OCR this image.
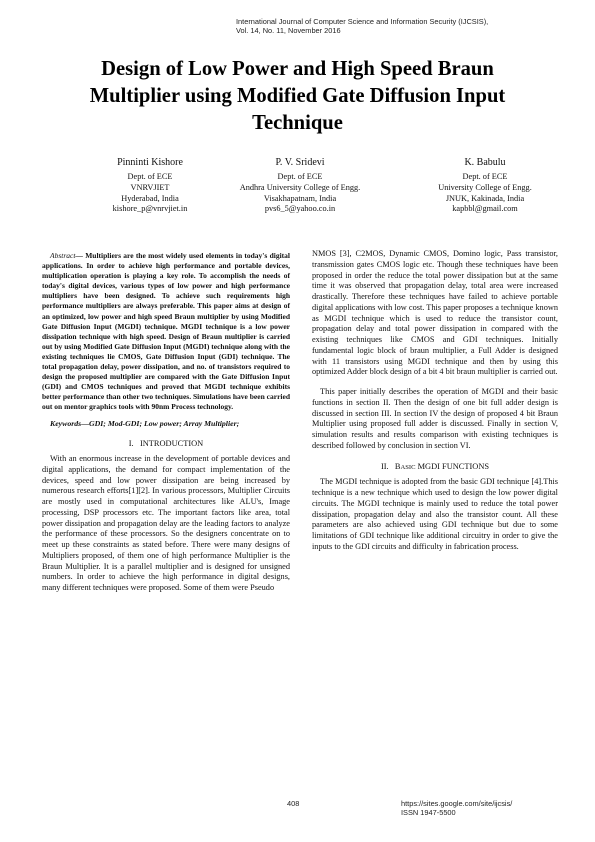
International Journal of Computer Science and Information Security (IJCSIS),
Vol. 14, No. 11, November 2016
Design of Low Power and High Speed Braun
Multiplier using Modified Gate Diffusion Input
Technique
Pinninti Kishore
Dept. of ECE
VNRVJIET
Hyderabad, India
kishore_p@vnrvjiet.in
P. V. Sridevi
Dept. of ECE
Andhra University College of Engg.
Visakhapatnam, India
pvs6_5@yahoo.co.in
K. Babulu
Dept. of ECE
University College of Engg.
JNUK, Kakinada, India
kapbbl@gmail.com
Abstract— Multipliers are the most widely used elements in today's digital applications. In order to achieve high performance and portable devices, multiplication operation is playing a key role. To accomplish the needs of today's digital devices, various types of low power and high performance multipliers have been designed. To achieve such requirements high performance multipliers are always preferable. This paper aims at design of an optimized, low power and high speed Braun multiplier by using Modified Gate Diffusion Input (MGDI) technique. MGDI technique is a low power dissipation technique with high speed. Design of Braun multiplier is carried out by using Modified Gate Diffusion Input (MGDI) technique along with the existing techniques lie CMOS, Gate Diffusion Input (GDI) technique. The total propagation delay, power dissipation, and no. of transistors required to design the proposed multiplier are compared with the Gate Diffusion Input (GDI) and CMOS techniques and proved that MGDI technique exhibits better performance than other two techniques. Simulations have been carried out on mentor graphics tools with 90nm Process technology.
Keywords—GDI; Mod-GDI; Low power; Array Multiplier;
I. INTRODUCTION

With an enormous increase in the development of portable devices and digital applications, the demand for compact implementation of the devices, speed and low power dissipation are being increased by numerous research efforts[1][2]. In various processors, Multiplier Circuits are mostly used in computational architectures like ALU's, Image processing, DSP processors etc. The important factors like area, total power dissipation and propagation delay are the leading factors to analyze the performance of these processors. So the designers concentrate on to meet up these constraints as stated before. There were many designs of Multipliers proposed, of them one of high performance Multiplier is the Braun Multiplier. It is a parallel multiplier and is designed for unsigned numbers. In order to achieve the high performance in digital designs, many different techniques were proposed. Some of them were Pseudo

NMOS [3], C2MOS, Dynamic CMOS, Domino logic, Pass transistor, transmission gates CMOS logic etc. Though these techniques have been proposed in order the reduce the total power dissipation but at the same time it was observed that propagation delay, total area were increased drastically. Therefore these techniques have failed to achieve portable digital applications with low cost. This paper proposes a technique known as MGDI technique which is used to reduce the transistor count, propagation delay and total power dissipation in compared with the existing techniques like CMOS and GDI techniques. Initially fundamental logic block of braun multiplier, a Full Adder is designed with 11 transistors using MGDI technique and then by using this optimized Adder block design of a bit 4 bit braun multiplier is carried out.

This paper initially describes the operation of MGDI and their basic functions in section II. Then the design of one bit full adder design is discussed in section III. In section IV the design of proposed 4 bit Braun Multiplier using proposed full adder is discussed. Finally in section V, simulation results and results comparison with existing techniques is described followed by conclusion in section VI.

II. BASIC MGDI FUNCTIONS

The MGDI technique is adopted from the basic GDI technique [4].This technique is a new technique which used to design the low power digital circuits. The MGDI technique is mainly used to reduce the total power dissipation, propagation delay and also the transistor count. All these parameters are also achieved using GDI technique but due to some limitations of GDI technique like additional circuitry in order to give the inputs to the GDI circuits and difficulty in fabrication process.

408	https://sites.google.com/site/ijcsis/
ISSN 1947-5500
